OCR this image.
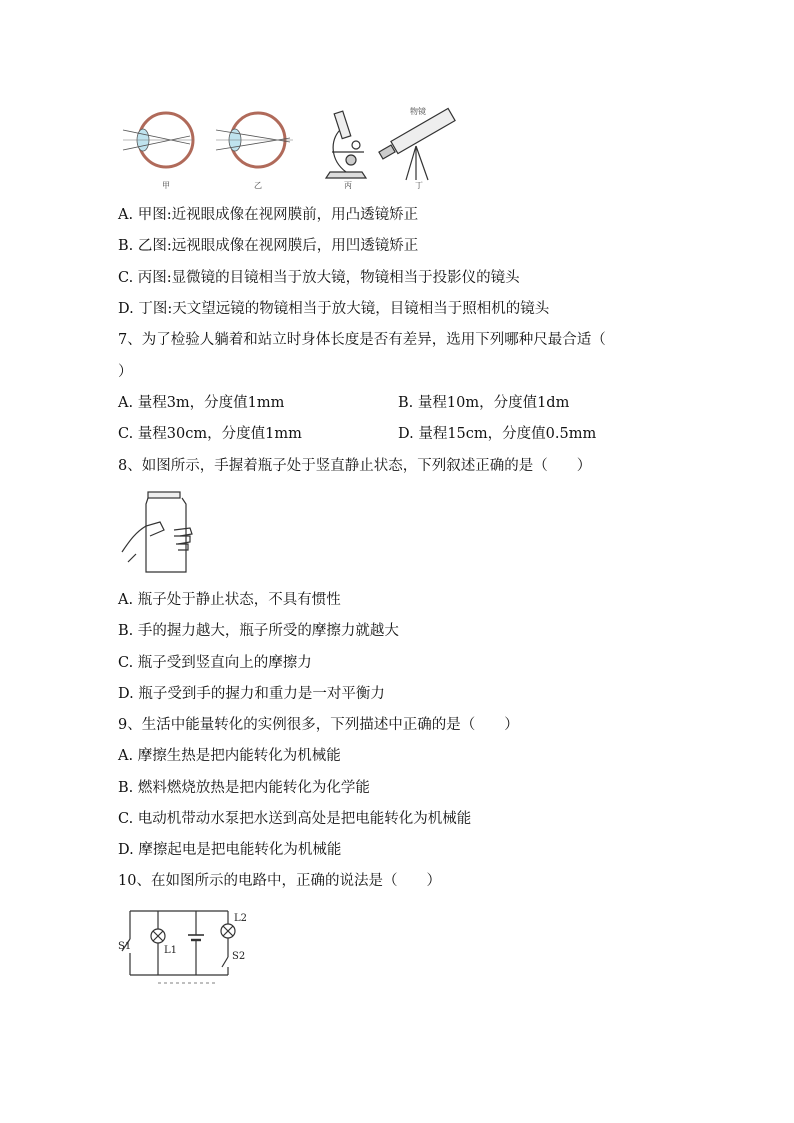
物镜
甲	乙	丙	丁
A. 甲图:近视眼成像在视网膜前，用凸透镜矫正
B. 乙图:远视眼成像在视网膜后，用凹透镜矫正
C. 丙图:显微镜的目镜相当于放大镜，物镜相当于投影仪的镜头
D. 丁图:天文望远镜的物镜相当于放大镜，目镜相当于照相机的镜头
7、为了检验人躺着和站立时身体长度是否有差异，选用下列哪种尺最合适（
）
A. 量程3m，分度值1mm	B. 量程10m，分度值1dm
C. 量程30cm，分度值1mm	D. 量程15cm，分度值0.5mm
8、如图所示，手握着瓶子处于竖直静止状态，下列叙述正确的是（　　）
A. 瓶子处于静止状态，不具有惯性
B. 手的握力越大，瓶子所受的摩擦力就越大
C. 瓶子受到竖直向上的摩擦力
D. 瓶子受到手的握力和重力是一对平衡力
9、生活中能量转化的实例很多，下列描述中正确的是（　　）
A. 摩擦生热是把内能转化为机械能
B. 燃料燃烧放热是把内能转化为化学能
C. 电动机带动水泵把水送到高处是把电能转化为机械能
D. 摩擦起电是把电能转化为机械能
10、在如图所示的电路中，正确的说法是（　　）
S1	L1
L2
S2
